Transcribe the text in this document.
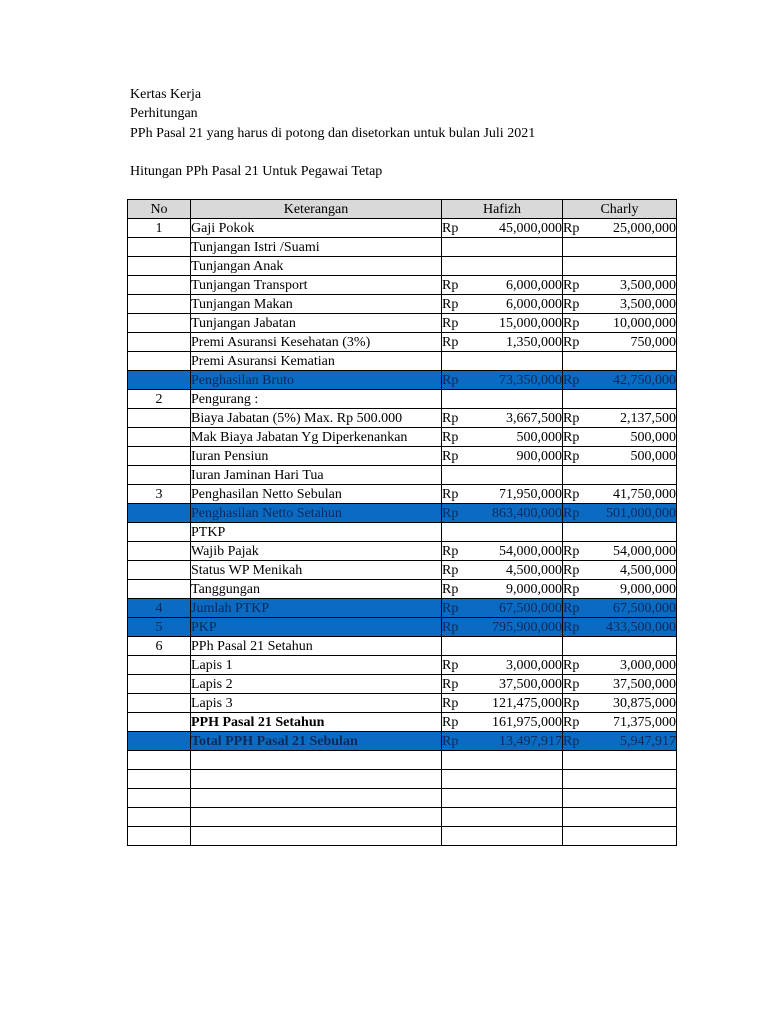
Kertas Kerja
Perhitungan
PPh Pasal 21 yang harus di potong dan disetorkan untuk bulan Juli 2021
Hitungan PPh Pasal 21 Untuk Pegawai Tetap
No	Keterangan	Hafizh	Charly
1	Gaji Pokok	Rp 45,000,000	Rp 25,000,000

	Tunjangan Istri /Suami		
	Tunjangan Anak		
	Tunjangan Transport	Rp 6,000,000	Rp 3,500,000

	Tunjangan Makan	Rp 6,000,000	Rp 3,500,000

	Tunjangan Jabatan	Rp 15,000,000	Rp 10,000,000

	Premi Asuransi Kesehatan (3%)	Rp 1,350,000	Rp 750,000

	Premi Asuransi Kematian		
	Penghasilan Bruto	Rp 73,350,000	Rp 42,750,000

2	Pengurang :		
	Biaya Jabatan (5%) Max. Rp 500.000	Rp 3,667,500	Rp 2,137,500

	Mak Biaya Jabatan Yg Diperkenankan	Rp 500,000	Rp 500,000

	Iuran Pensiun	Rp 900,000	Rp 500,000

	Iuran Jaminan Hari Tua		
3	Penghasilan Netto Sebulan	Rp 71,950,000	Rp 41,750,000

	Penghasilan Netto Setahun	Rp 863,400,000	Rp 501,000,000

	PTKP		
	Wajib Pajak	Rp 54,000,000	Rp 54,000,000

	Status WP Menikah	Rp 4,500,000	Rp 4,500,000

	Tanggungan	Rp 9,000,000	Rp 9,000,000

4	Jumlah PTKP	Rp 67,500,000	Rp 67,500,000

5	PKP	Rp 795,900,000	Rp 433,500,000

6	PPh Pasal 21 Setahun		
	Lapis 1	Rp 3,000,000	Rp 3,000,000

	Lapis 2	Rp 37,500,000	Rp 37,500,000

	Lapis 3	Rp 121,475,000	Rp 30,875,000

	PPH Pasal 21 Setahun	Rp 161,975,000	Rp 71,375,000

	Total PPH Pasal 21 Sebulan	Rp 13,497,917	Rp 5,947,917
